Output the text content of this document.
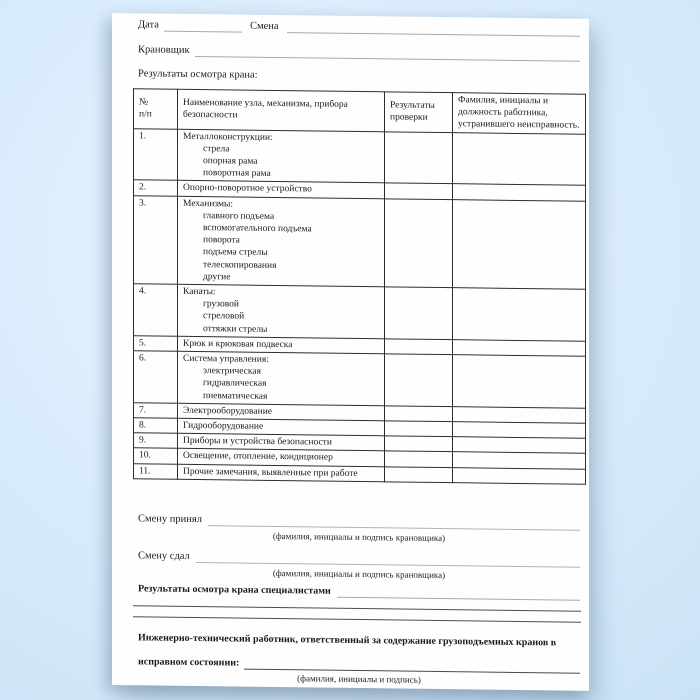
Дата	Смена
Крановщик
Результаты осмотра крана:
№
п/п	Наименование узла, механизма, прибора безопасности	Результаты проверки	Фамилия, инициалы и должность работника, устранившего неисправность.
1.	Металлоконструкции:
стрела
опорная рама
поворотная рама		

2.	Опорно-поворотное устройство		
3.	Механизмы:
главного подъема
вспомогательного подъема
поворота
подъема стрелы
телескопирования
другие

4.	Канаты:
грузовой
стреловой
оттяжки стрелы		

5.	Крюк и крюковая подвеска		
6.	Система управления:
электрическая
гидравлическая
пневматическая		

7.	Электрооборудование		
8.	Гидрооборудование		
9.	Приборы и устройства безопасности		
10.	Освещение, отопление, кондиционер		
11.	Прочие замечания, выявленные при работе		
Смену принял
(фамилия, инициалы и подпись крановщика)
Смену сдал
(фамилия, инициалы и подпись крановщика)
Результаты осмотра крана специалистами
Инженерно-технический работник, ответственный за содержание грузоподъемных кранов в
исправном состоянии:
(фамилия, инициалы и подпись)
